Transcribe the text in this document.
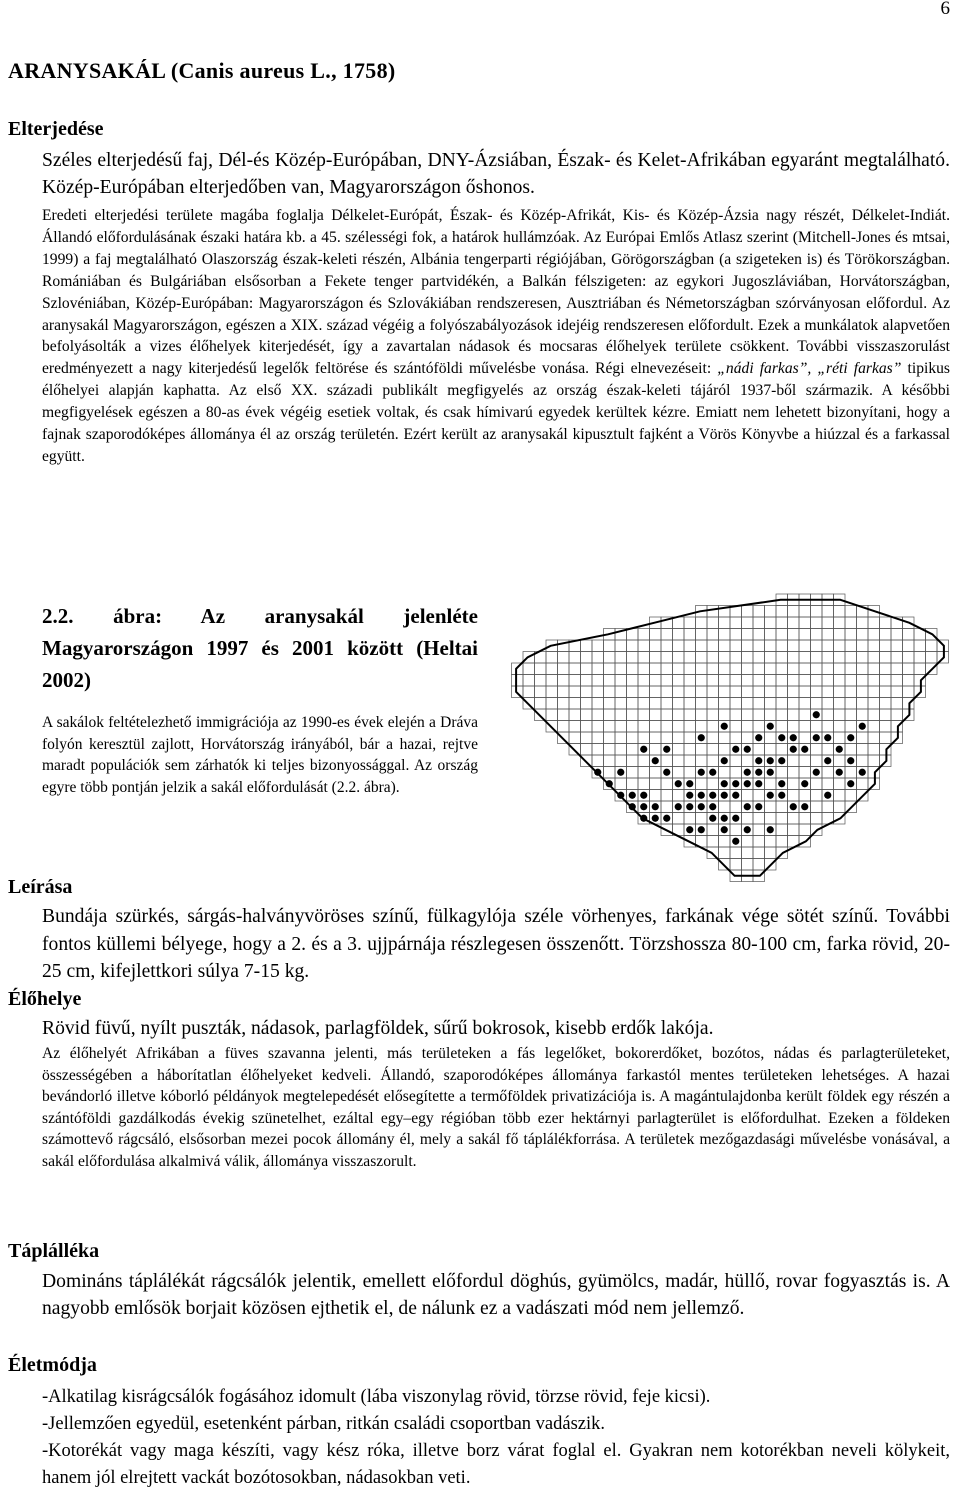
6
ARANYSAKÁL (Canis aureus L., 1758)
Elterjedése
Széles elterjedésű faj, Dél-és Közép-Európában, DNY-Ázsiában, Észak- és Kelet-Afrikában egyaránt megtalálható. Közép-Európában elterjedőben van, Magyarországon őshonos.
Eredeti elterjedési területe magába foglalja Délkelet-Európát, Észak- és Közép-Afrikát, Kis- és Közép-Ázsia nagy részét, Délkelet-Indiát. Állandó előfordulásának északi határa kb. a 45. szélességi fok, a határok hullámzóak. Az Európai Emlős Atlasz szerint (Mitchell-Jones és mtsai, 1999) a faj megtalálható Olaszország észak-keleti részén, Albánia tengerparti régiójában, Görögországban (a szigeteken is) és Törökországban. Romániában és Bulgáriában elsősorban a Fekete tenger partvidékén, a Balkán félszigeten: az egykori Jugoszláviában, Horvátországban, Szlovéniában, Közép-Európában: Magyarországon és Szlovákiában rendszeresen, Ausztriában és Németországban szórványosan előfordul. Az aranysakál Magyarországon, egészen a XIX. század végéig a folyószabályozások idejéig rendszeresen előfordult. Ezek a munkálatok alapvetően befolyásolták a vizes élőhelyek kiterjedését, így a zavartalan nádasok és mocsaras élőhelyek területe csökkent. További visszaszorulást eredményezett a nagy kiterjedésű legelők feltörése és szántóföldi művelésbe vonása. Régi elnevezéseit: „nádi farkas”, „réti farkas” tipikus élőhelyei alapján kaphatta. Az első XX. századi publikált megfigyelés az ország észak-keleti tájáról 1937-ből származik. A későbbi megfigyelések egészen a 80-as évek végéig esetiek voltak, és csak hímivarú egyedek kerültek kézre. Emiatt nem lehetett bizonyítani, hogy a fajnak szaporodóképes állománya él az ország területén. Ezért került az aranysakál kipusztult fajként a Vörös Könyvbe a hiúzzal és a farkassal együtt.
2.2. ábra: Az aranysakál jelenléte Magyarországon 1997 és 2001 között (Heltai 2002)
A sakálok feltételezhető immigrációja az 1990-es évek elején a Dráva folyón keresztül zajlott, Horvátország irányából, bár a hazai, rejtve maradt populációk sem zárhatók ki teljes bizonyossággal. Az ország egyre több pontján jelzik a sakál előfordulását (2.2. ábra).
Leírása
Bundája szürkés, sárgás-halványvöröses színű, fülkagylója széle vörhenyes, farkának vége sötét színű. További fontos küllemi bélyege, hogy a 2. és a 3. ujjpárnája részlegesen összenőtt. Törzshossza 80-100 cm, farka rövid, 20-25 cm, kifejlettkori súlya 7-15 kg.
Élőhelye
Rövid füvű, nyílt puszták, nádasok, parlagföldek, sűrű bokrosok, kisebb erdők lakója.
Az élőhelyét Afrikában a füves szavanna jelenti, más területeken a fás legelőket, bokorerdőket, bozótos, nádas és parlagterületeket, összességében a háborítatlan élőhelyeket kedveli. Állandó, szaporodóképes állománya farkastól mentes területeken lehetséges. A hazai bevándorló illetve kóborló példányok megtelepedését elősegítette a termőföldek privatizációja is. A magántulajdonba került földek egy részén a szántóföldi gazdálkodás évekig szünetelhet, ezáltal egy–egy régióban több ezer hektárnyi parlagterület is előfordulhat. Ezeken a földeken számottevő rágcsáló, elsősorban mezei pocok állomány él, mely a sakál fő táplálékforrása. A területek mezőgazdasági művelésbe vonásával, a sakál előfordulása alkalmivá válik, állománya visszaszorult.
Táplálléka
Domináns táplálékát rágcsálók jelentik, emellett előfordul döghús, gyümölcs, madár, hüllő, rovar fogyasztás is. A nagyobb emlősök borjait közösen ejthetik el, de nálunk ez a vadászati mód nem jellemző.
Életmódja
-Alkatilag kisrágcsálók fogásához idomult (lába viszonylag rövid, törzse rövid, feje kicsi).
-Jellemzően egyedül, esetenként párban, ritkán családi csoportban vadászik.
-Kotorékát vagy maga készíti, vagy kész róka, illetve borz várat foglal el. Gyakran nem kotorékban neveli kölykeit, hanem jól elrejtett vackát bozótosokban, nádasokban veti.
